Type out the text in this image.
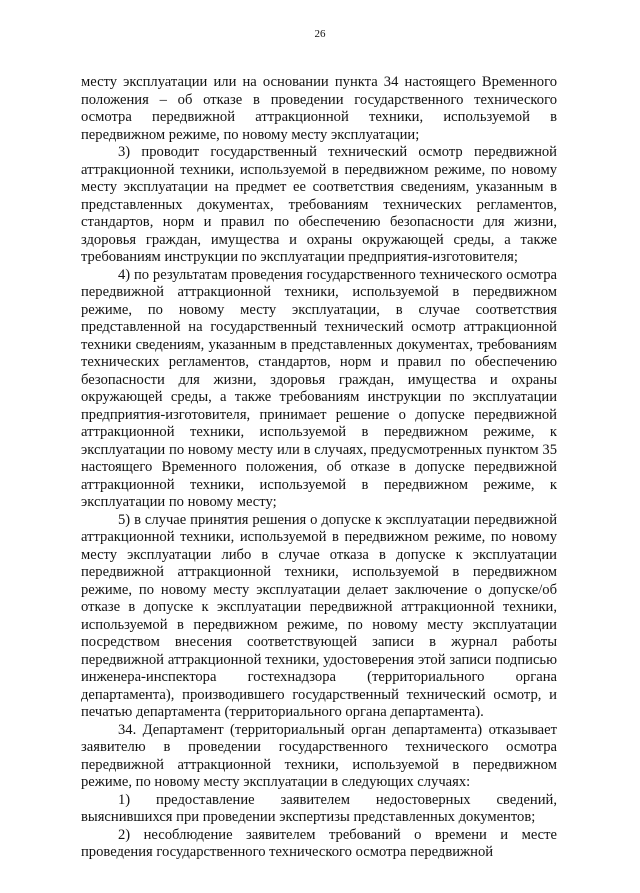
26

месту эксплуатации или на основании пункта 34 настоящего Временного положения – об отказе в проведении государственного технического осмотра передвижной аттракционной техники, используемой в передвижном режиме, по новому месту эксплуатации;

3) проводит государственный технический осмотр передвижной аттракционной техники, используемой в передвижном режиме, по новому месту эксплуатации на предмет ее соответствия сведениям, указанным в представленных документах, требованиям технических регламентов, стандартов, норм и правил по обеспечению безопасности для жизни, здоровья граждан, имущества и охраны окружающей среды, а также требованиям инструкции по эксплуатации предприятия-изготовителя;

4) по результатам проведения государственного технического осмотра передвижной аттракционной техники, используемой в передвижном режиме, по новому месту эксплуатации, в случае соответствия представленной на государственный технический осмотр аттракционной техники сведениям, указанным в представленных документах, требованиям технических регламентов, стандартов, норм и правил по обеспечению безопасности для жизни, здоровья граждан, имущества и охраны окружающей среды, а также требованиям инструкции по эксплуатации предприятия-изготовителя, принимает решение о допуске передвижной аттракционной техники, используемой в передвижном режиме, к эксплуатации по новому месту или в случаях, предусмотренных пунктом 35 настоящего Временного положения, об отказе в допуске передвижной аттракционной техники, используемой в передвижном режиме, к эксплуатации по новому месту;

5) в случае принятия решения о допуске к эксплуатации передвижной аттракционной техники, используемой в передвижном режиме, по новому месту эксплуатации либо в случае отказа в допуске к эксплуатации передвижной аттракционной техники, используемой в передвижном режиме, по новому месту эксплуатации делает заключение о допуске/об отказе в допуске к эксплуатации передвижной аттракционной техники, используемой в передвижном режиме, по новому месту эксплуатации посредством внесения соответствующей записи в журнал работы передвижной аттракционной техники, удостоверения этой записи подписью инженера-инспектора гостехнадзора (территориального органа департамента), производившего государственный технический осмотр, и печатью департамента (территориального органа департамента).

34. Департамент (территориальный орган департамента) отказывает заявителю в проведении государственного технического осмотра передвижной аттракционной техники, используемой в передвижном режиме, по новому месту эксплуатации в следующих случаях:

1) предоставление заявителем недостоверных сведений, выяснившихся при проведении экспертизы представленных документов;

2) несоблюдение заявителем требований о времени и месте проведения государственного технического осмотра передвижной
